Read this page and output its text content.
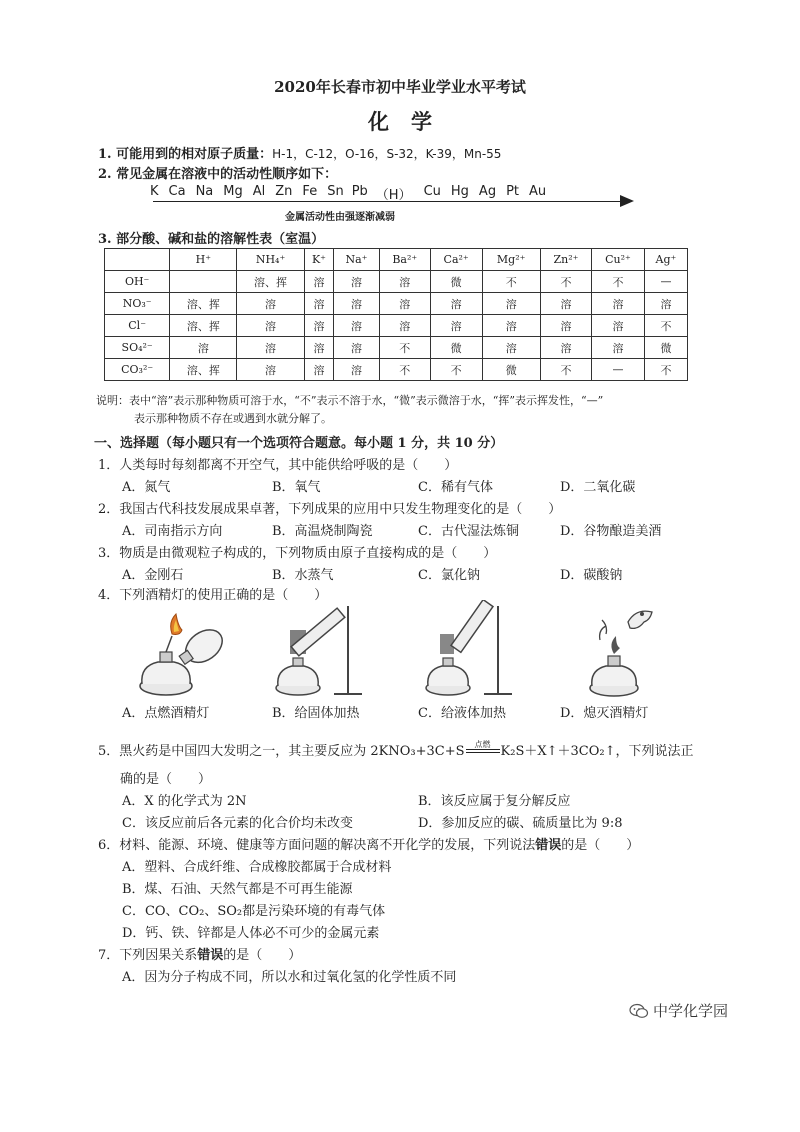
2020年长春市初中毕业学业水平考试
化学
1. 可能用到的相对原子质量：H-1，C-12，O-16，S-32，K-39，Mn-55
2. 常见金属在溶液中的活动性顺序如下：
K Ca Na Mg Al Zn Fe Sn Pb （H） Cu Hg Ag Pt Au
金属活动性由强逐渐减弱
3. 部分酸、碱和盐的溶解性表（室温）
	H⁺	NH₄⁺	K⁺	Na⁺	Ba²⁺	Ca²⁺	Mg²⁺	Zn²⁺	Cu²⁺	Ag⁺
OH⁻		溶、挥	溶	溶	溶	微	不	不	不	—
NO₃⁻	溶、挥	溶	溶	溶	溶	溶	溶	溶	溶	溶
Cl⁻	溶、挥	溶	溶	溶	溶	溶	溶	溶	溶	不
SO₄²⁻	溶	溶	溶	溶	不	微	溶	溶	溶	微
CO₃²⁻	溶、挥	溶	溶	溶	不	不	微	不	—	不
说明：表中“溶”表示那种物质可溶于水，“不”表示不溶于水，“微”表示微溶于水，“挥”表示挥发性，“—”
表示那种物质不存在或遇到水就分解了。
一、选择题（每小题只有一个选项符合题意。每小题 1 分，共 10 分）
1．人类每时每刻都离不开空气，其中能供给呼吸的是（　　）
A．氮气	B．氧气	C．稀有气体	D．二氧化碳
2．我国古代科技发展成果卓著，下列成果的应用中只发生物理变化的是（　　）
A．司南指示方向	B．高温烧制陶瓷	C．古代湿法炼铜	D．谷物酿造美酒
3．物质是由微观粒子构成的，下列物质由原子直接构成的是（　　）
A．金刚石	B．水蒸气	C．氯化钠	D．碳酸钠
4．下列酒精灯的使用正确的是（　　）
A．点燃酒精灯	B．给固体加热	C．给液体加热	D．熄灭酒精灯
5．黑火药是中国四大发明之一，其主要反应为 2KNO₃+3C+S 点燃 K₂S＋X↑＋3CO₂↑，下列说法正
确的是（　　）
A．X 的化学式为 2N	B．该反应属于复分解反应
C．该反应前后各元素的化合价均未改变	D．参加反应的碳、硫质量比为 9:8
6．材料、能源、环境、健康等方面问题的解决离不开化学的发展，下列说法错误的是（　　）
A．塑料、合成纤维、合成橡胶都属于合成材料
B．煤、石油、天然气都是不可再生能源
C．CO、CO₂、SO₂都是污染环境的有毒气体
D．钙、铁、锌都是人体必不可少的金属元素
7．下列因果关系错误的是（　　）
A．因为分子构成不同，所以水和过氧化氢的化学性质不同
中学化学园
